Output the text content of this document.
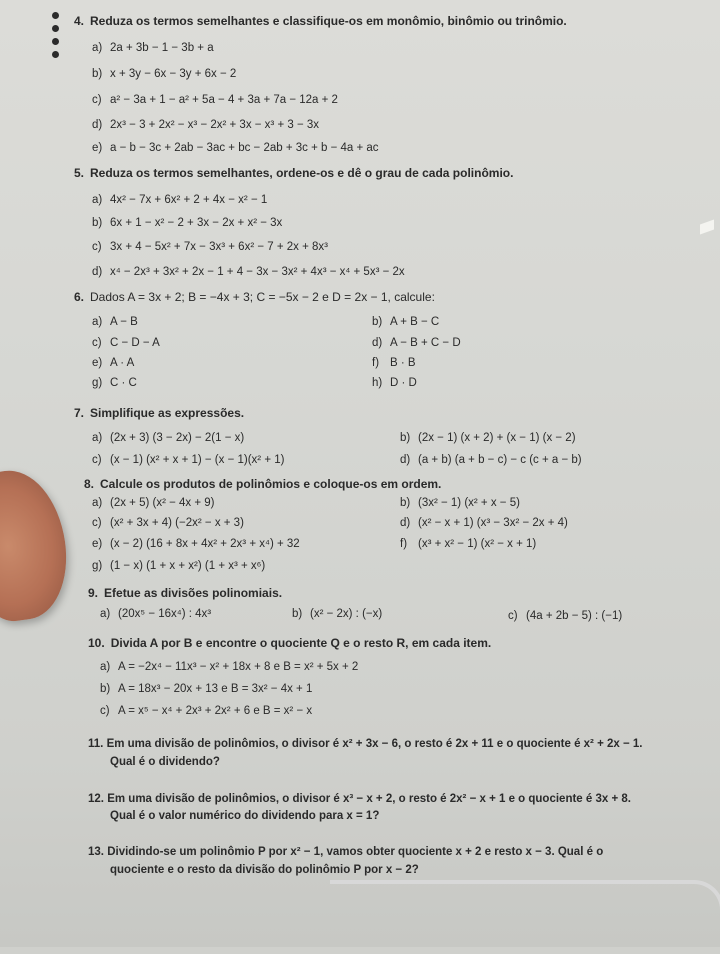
4. Reduza os termos semelhantes e classifique-os em monômio, binômio ou trinômio.
a) 2a + 3b − 1 − 3b + a
b) x + 3y − 6x − 3y + 6x − 2
c) a² − 3a + 1 − a² + 5a − 4 + 3a + 7a − 12a + 2
d) 2x³ − 3 + 2x² − x³ − 2x² + 3x − x³ + 3 − 3x
e) a − b − 3c + 2ab − 3ac + bc − 2ab + 3c + b − 4a + ac
5. Reduza os termos semelhantes, ordene-os e dê o grau de cada polinômio.
a) 4x² − 7x + 6x² + 2 + 4x − x² − 1
b) 6x + 1 − x² − 2 + 3x − 2x + x² − 3x
c) 3x + 4 − 5x² + 7x − 3x³ + 6x² − 7 + 2x + 8x³
d) x⁴ − 2x³ + 3x² + 2x − 1 + 4 − 3x − 3x² + 4x³ − x⁴ + 5x³ − 2x
6. Dados A = 3x + 2; B = −4x + 3; C = −5x − 2 e D = 2x − 1, calcule:
a) A − B
c) C − D − A
e) A · A
g) C · C
b) A + B − C
d) A − B + C − D
f) B · B
h) D · D
7. Simplifique as expressões.
a) (2x + 3) (3 − 2x) − 2(1 − x)
c) (x − 1) (x² + x + 1) − (x − 1)(x² + 1)
b) (2x − 1) (x + 2) + (x − 1) (x − 2)
d) (a + b) (a + b − c) − c (c + a − b)
8. Calcule os produtos de polinômios e coloque-os em ordem.
a) (2x + 5) (x² − 4x + 9)
c) (x² + 3x + 4) (−2x² − x + 3)
e) (x − 2) (16 + 8x + 4x² + 2x³ + x⁴) + 32
g) (1 − x) (1 + x + x²) (1 + x³ + x⁶)
b) (3x² − 1) (x² + x − 5)
d) (x² − x + 1) (x³ − 3x² − 2x + 4)
f) (x³ + x² − 1) (x² − x + 1)
9. Efetue as divisões polinomiais.
a) (20x⁵ − 16x⁴) : 4x³	b) (x² − 2x) : (−x)	c) (4a + 2b − 5) : (−1)
10. Divida A por B e encontre o quociente Q e o resto R, em cada item.
a) A = −2x⁴ − 11x³ − x² + 18x + 8 e B = x² + 5x + 2
b) A = 18x³ − 20x + 13 e B = 3x² − 4x + 1
c) A = x⁵ − x⁴ + 2x³ + 2x² + 6 e B = x² − x
11. Em uma divisão de polinômios, o divisor é x² + 3x − 6, o resto é 2x + 11 e o quociente é x² + 2x − 1.
Qual é o dividendo?
12. Em uma divisão de polinômios, o divisor é x³ − x + 2, o resto é 2x² − x + 1 e o quociente é 3x + 8.
Qual é o valor numérico do dividendo para x = 1?
13. Dividindo-se um polinômio P por x² − 1, vamos obter quociente x + 2 e resto x − 3. Qual é o
quociente e o resto da divisão do polinômio P por x − 2?
